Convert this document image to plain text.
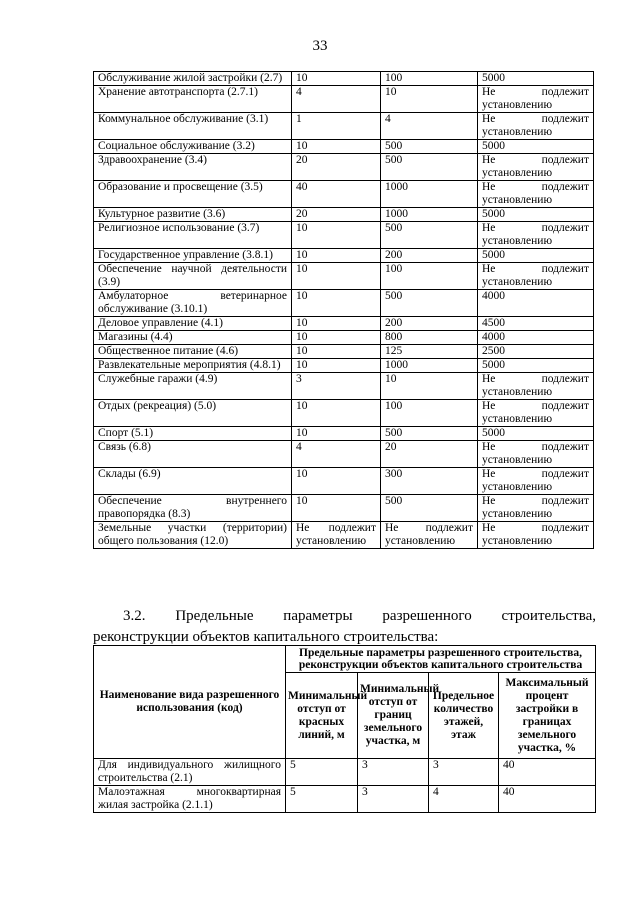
33
Обслуживание жилой застройки (2.7)	10	100	5000
Хранение автотранспорта (2.7.1)	4	10	Не подлежит установлению
Коммунальное обслуживание (3.1)	1	4	Не подлежит установлению
Социальное обслуживание (3.2)	10	500	5000
Здравоохранение (3.4)	20	500	Не подлежит установлению
Образование и просвещение (3.5)	40	1000	Не подлежит установлению
Культурное развитие (3.6)	20	1000	5000
Религиозное использование (3.7)	10	500	Не подлежит установлению
Государственное управление (3.8.1)	10	200	5000
Обеспечение научной деятельности (3.9)	10	100	Не подлежит установлению
Амбулаторное ветеринарное обслуживание (3.10.1)	10	500	4000
Деловое управление (4.1)	10	200	4500
Магазины (4.4)	10	800	4000
Общественное питание (4.6)	10	125	2500
Развлекательные мероприятия (4.8.1)	10	1000	5000
Служебные гаражи (4.9)	3	10	Не подлежит установлению
Отдых (рекреация) (5.0)	10	100	Не подлежит установлению
Спорт (5.1)	10	500	5000
Связь (6.8)	4	20	Не подлежит установлению
Склады (6.9)	10	300	Не подлежит установлению
Обеспечение внутреннего правопорядка (8.3)	10	500	Не подлежит установлению
Земельные участки (территории) общего пользования (12.0)	Не подлежит установлению	Не подлежит установлению	Не подлежит установлению
3.2. Предельные параметры разрешенного строительства,
реконструкции объектов капитального строительства:
Наименование вида разрешенного использования (код)	Предельные параметры разрешенного строительства, реконструкции объектов капитального строительства			
	Минимальный отступ от красных линий, м	Минимальный отступ от границ земельного участка, м	Предельное количество этажей, этаж	Максимальный процент застройки в границах земельного участка, %
Для индивидуального жилищного строительства (2.1)	5	3	3	40
Малоэтажная многоквартирная жилая застройка (2.1.1)	5	3	4	40
